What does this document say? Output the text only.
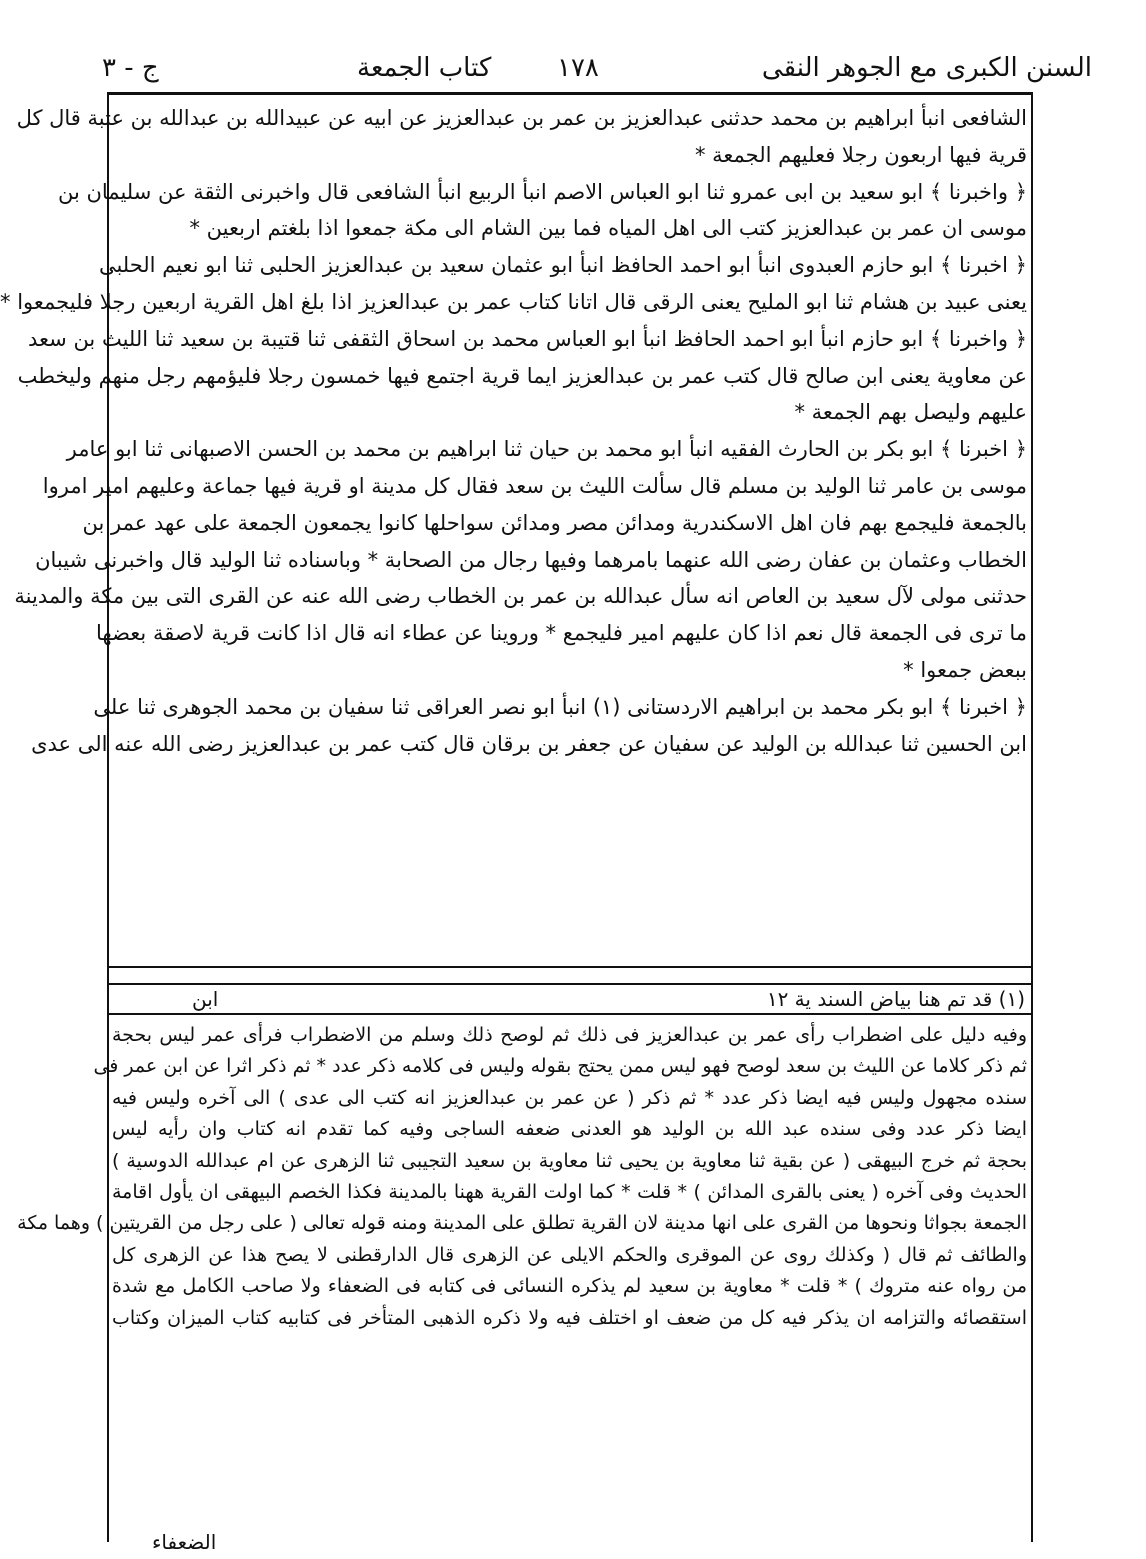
السنن الكبرى مع الجوهر النقى
١٧٨
كتاب الجمعة
ج - ٣
الشافعى انبأ ابراهيم بن محمد حدثنى عبدالعزيز بن عمر بن عبدالعزيز عن ابيه عن عبيدالله بن عبدالله بن عتبة قال كل
قرية فيها اربعون رجلا فعليهم الجمعة *
﴿ واخبرنا ﴾ ابو سعيد بن ابى عمرو ثنا ابو العباس الاصم انبأ الربيع انبأ الشافعى قال واخبرنى الثقة عن سليمان بن
موسى ان عمر بن عبدالعزيز كتب الى اهل المياه فما بين الشام الى مكة جمعوا اذا بلغتم اربعين *
﴿ اخبرنا ﴾ ابو حازم العبدوى انبأ ابو احمد الحافظ انبأ ابو عثمان سعيد بن عبدالعزيز الحلبى ثنا ابو نعيم الحلبى
يعنى عبيد بن هشام ثنا ابو المليح يعنى الرقى قال اتانا كتاب عمر بن عبدالعزيز اذا بلغ اهل القرية اربعين رجلا فليجمعوا *
﴿ واخبرنا ﴾ ابو حازم انبأ ابو احمد الحافظ انبأ ابو العباس محمد بن اسحاق الثقفى ثنا قتيبة بن سعيد ثنا الليث بن سعد
عن معاوية يعنى ابن صالح قال كتب عمر بن عبدالعزيز ايما قرية اجتمع فيها خمسون رجلا فليؤمهم رجل منهم وليخطب
عليهم وليصل بهم الجمعة *
﴿ اخبرنا ﴾ ابو بكر بن الحارث الفقيه انبأ ابو محمد بن حيان ثنا ابراهيم بن محمد بن الحسن الاصبهانى ثنا ابو عامر
موسى بن عامر ثنا الوليد بن مسلم قال سألت الليث بن سعد فقال كل مدينة او قرية فيها جماعة وعليهم امير امروا
بالجمعة فليجمع بهم فان اهل الاسكندرية ومدائن مصر ومدائن سواحلها كانوا يجمعون الجمعة على عهد عمر بن
الخطاب وعثمان بن عفان رضى الله عنهما بامرهما وفيها رجال من الصحابة * وباسناده ثنا الوليد قال واخبرنى شيبان
حدثنى مولى لآل سعيد بن العاص انه سأل عبدالله بن عمر بن الخطاب رضى الله عنه عن القرى التى بين مكة والمدينة
ما ترى فى الجمعة قال نعم اذا كان عليهم امير فليجمع * وروينا عن عطاء انه قال اذا كانت قرية لاصقة بعضها
ببعض جمعوا *
﴿ اخبرنا ﴾ ابو بكر محمد بن ابراهيم الاردستانى (١) انبأ ابو نصر العراقى ثنا سفيان بن محمد الجوهرى ثنا على
ابن الحسين ثنا عبدالله بن الوليد عن سفيان عن جعفر بن برقان قال كتب عمر بن عبدالعزيز رضى الله عنه الى عدى
(١) قد تم هنا بياض السند ية ١٢
ابن
وفيه دليل على اضطراب رأى عمر بن عبدالعزيز فى ذلك ثم لوصح ذلك وسلم من الاضطراب فرأى عمر ليس بحجة
ثم ذكر كلاما عن الليث بن سعد لوصح فهو ليس ممن يحتج بقوله وليس فى كلامه ذكر عدد * ثم ذكر اثرا عن ابن عمر فى
سنده مجهول وليس فيه ايضا ذكر عدد * ثم ذكر ( عن عمر بن عبدالعزيز انه كتب الى عدى ) الى آخره وليس فيه
ايضا ذكر عدد وفى سنده عبد الله بن الوليد هو العدنى ضعفه الساجى وفيه كما تقدم انه كتاب وان رأيه ليس
بحجة ثم خرج البيهقى ( عن بقية ثنا معاوية بن يحيى ثنا معاوية بن سعيد التجيبى ثنا الزهرى عن ام عبدالله الدوسية )
الحديث وفى آخره ( يعنى بالقرى المدائن ) * قلت * كما اولت القرية ههنا بالمدينة فكذا الخصم البيهقى ان يأول اقامة
الجمعة بجواثا ونحوها من القرى على انها مدينة لان القرية تطلق على المدينة ومنه قوله تعالى ( على رجل من القريتين ) وهما مكة
والطائف ثم قال ( وكذلك روى عن الموقرى والحكم الايلى عن الزهرى قال الدارقطنى لا يصح هذا عن الزهرى كل
من رواه عنه متروك ) * قلت * معاوية بن سعيد لم يذكره النسائى فى كتابه فى الضعفاء ولا صاحب الكامل مع شدة
استقصائه والتزامه ان يذكر فيه كل من ضعف او اختلف فيه ولا ذكره الذهبى المتأخر فى كتابيه كتاب الميزان وكتاب
الضعفاء
